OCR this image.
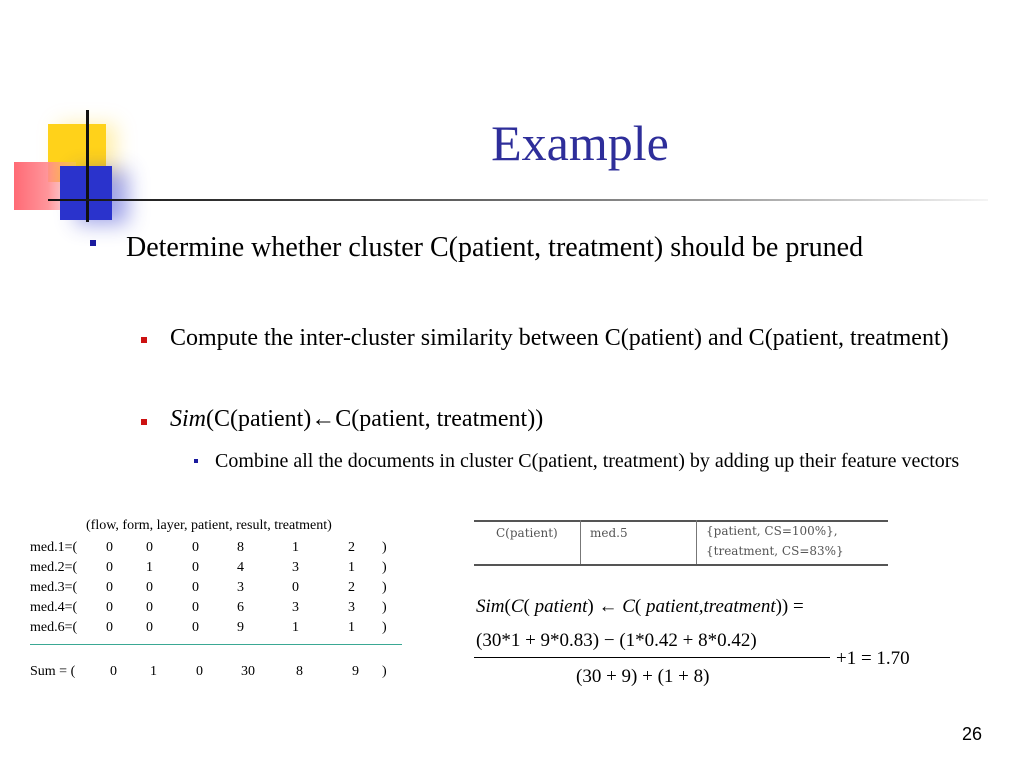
Example
Determine whether cluster C(patient, treatment) should be pruned
Compute the inter-cluster similarity between C(patient) and C(patient, treatment)
Sim(C(patient)←C(patient, treatment))
Combine all the documents in cluster C(patient, treatment) by adding up their feature vectors
(flow, form, layer, patient, result, treatment)
med.1=( 0 0	0	8	1	2 )
med.2=( 0 1	0	4	3	1 )
med.3=( 0 0	0	3	0	2 )
med.4=( 0 0	0	6	3	3 )
med.6=( 0 0	0	9	1	1 )
Sum = ( 0 1	0	30	8	9 )
C(patient)	med.5	{patient, CS=100%},
{treatment, CS=83%}
Sim(C( patient) ← C( patient,treatment)) =
(30*1 + 9*0.83) − (1*0.42 + 8*0.42)
(30 + 9) + (1 + 8)
+1 = 1.70
26
